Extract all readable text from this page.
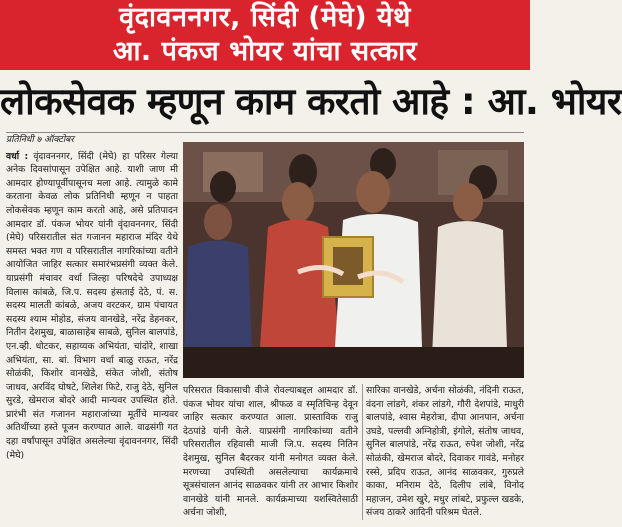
वृंदावननगर, सिंदी (मेघे) येथे
आ. पंकज भोयर यांचा सत्कार
लोकसेवक म्हणून काम करतो आहे : आ. भोयर
प्रतिनिधी ७ ऑक्टोबर
वर्धा : वृंदावननगर, सिंदी (मेघे) हा परिसर गेल्या अनेक दिवसांपासून उपेक्षित आहे. याशी जाण मी आमदार होण्यापूर्वीपासूनच मला आहे. त्यामुळे कामे करताना केवळ लोक प्रतिनिधी म्हणून न पाहता लोकसेवक म्हणून काम करतो आहे, असे प्रतिपादन आमदार डॉ. पंकज भोयर यांनी वृंदावननगर, सिंदी (मेघे) परिसरातील संत गजानन महाराज मंदिर येथे समस्त भक्त गण व परिसरातील नागरिकांच्या वतीने आयोजित जाहिर सत्कार समारंभप्रसंगी व्यक्त केले. याप्रसंगी मंचावर वर्धा जिल्हा परिषदेचे उपाध्यक्ष विलास कांबळे, जि.प. सदस्य हंसताई देठे, पं. स. सदस्य मालती कांबळे, अजय वरटकर, ग्राम पंचायत सदस्य श्याम मोहोड, संजय वानखेडे, नरेंद्र डेहनकर, नितीन देशमुख, बाळासाहेब साबळे, सुनिल बालपांडे, एन.व्ही. धोटकर, सहाय्यक अभियंता, चांदोरे, शाखा अभियंता, सा. बां. विभाग वर्धा बाळु राऊत, नरेंद्र सोळंकी, किशोर वानखेडे, संकेत जोशी, संतोष जाधव, अरविंद घोषटे, शिलेश फिटे, राजु देठे, सुनिल सुरडे, खेमराज बोदरे आदी मान्यवर उपस्थित होते. प्रारंभी संत गजानन महाराजांच्या मूर्तीचे मान्यवर अतिथींच्या हस्ते पूजन करण्यात आले. वाढसंगी गत दहा वर्षांपासून उपेक्षित असलेल्या वृंदावननगर, सिंदी (मेघे)
परिसरात विकासाची वीजे रोवल्याबद्दल आमदार डॉ. पंकज भोयर यांचा शाल, श्रीफळ व स्मृतिचिन्ह देवून जाहिर सत्कार करण्यात आला. प्रास्ताविक राजु देठपांडे यांनी केले. याप्रसंगी नागरिकांच्या वतीने परिसरातील रहिवासी माजी जि.प. सदस्य नितिन देशमुख, सुनिल बैदरकर यांनी मनोगत व्यक्त केले. मरणच्या उपस्थिती असलेल्याचा कार्यक्रमाचे सूत्रसंचालन आनंद साळवकर यांनी तर आभार किशोर वानखेडे यांनी मानले. कार्यक्रमाच्या यशस्वितेसाठी अर्चना जोशी,
सारिका वानखेडे, अर्चना सोळंकी, नंदिनी राऊत, वंदना लांडगे, शंकर लांडगे, गौरी देशपांडे, माधुरी बालपांडे, श्वास मेहरोत्रा, दीपा आनपान, अर्चना उघडे, पल्लवी अग्निहोत्री, इंगोले, संतोष जाधव, सुनिल बालपांडे, नरेंद्र राऊत, रुपेश जोशी, नरेंद्र सोळंकी, खेमराज बोदरे, दिवाकर गावंडे, मनोहर रस्से, प्रदिप राऊत, आनंद साळवकर, गुरुप्रले काका, मनिराम देठे, दिलीप लांबे, विनोद महाजन, उमेश खुरे, मधुर लांबटे, प्रफुल्ल खडके, संजय ठाकरे आदिनी परिश्रम घेतले.
